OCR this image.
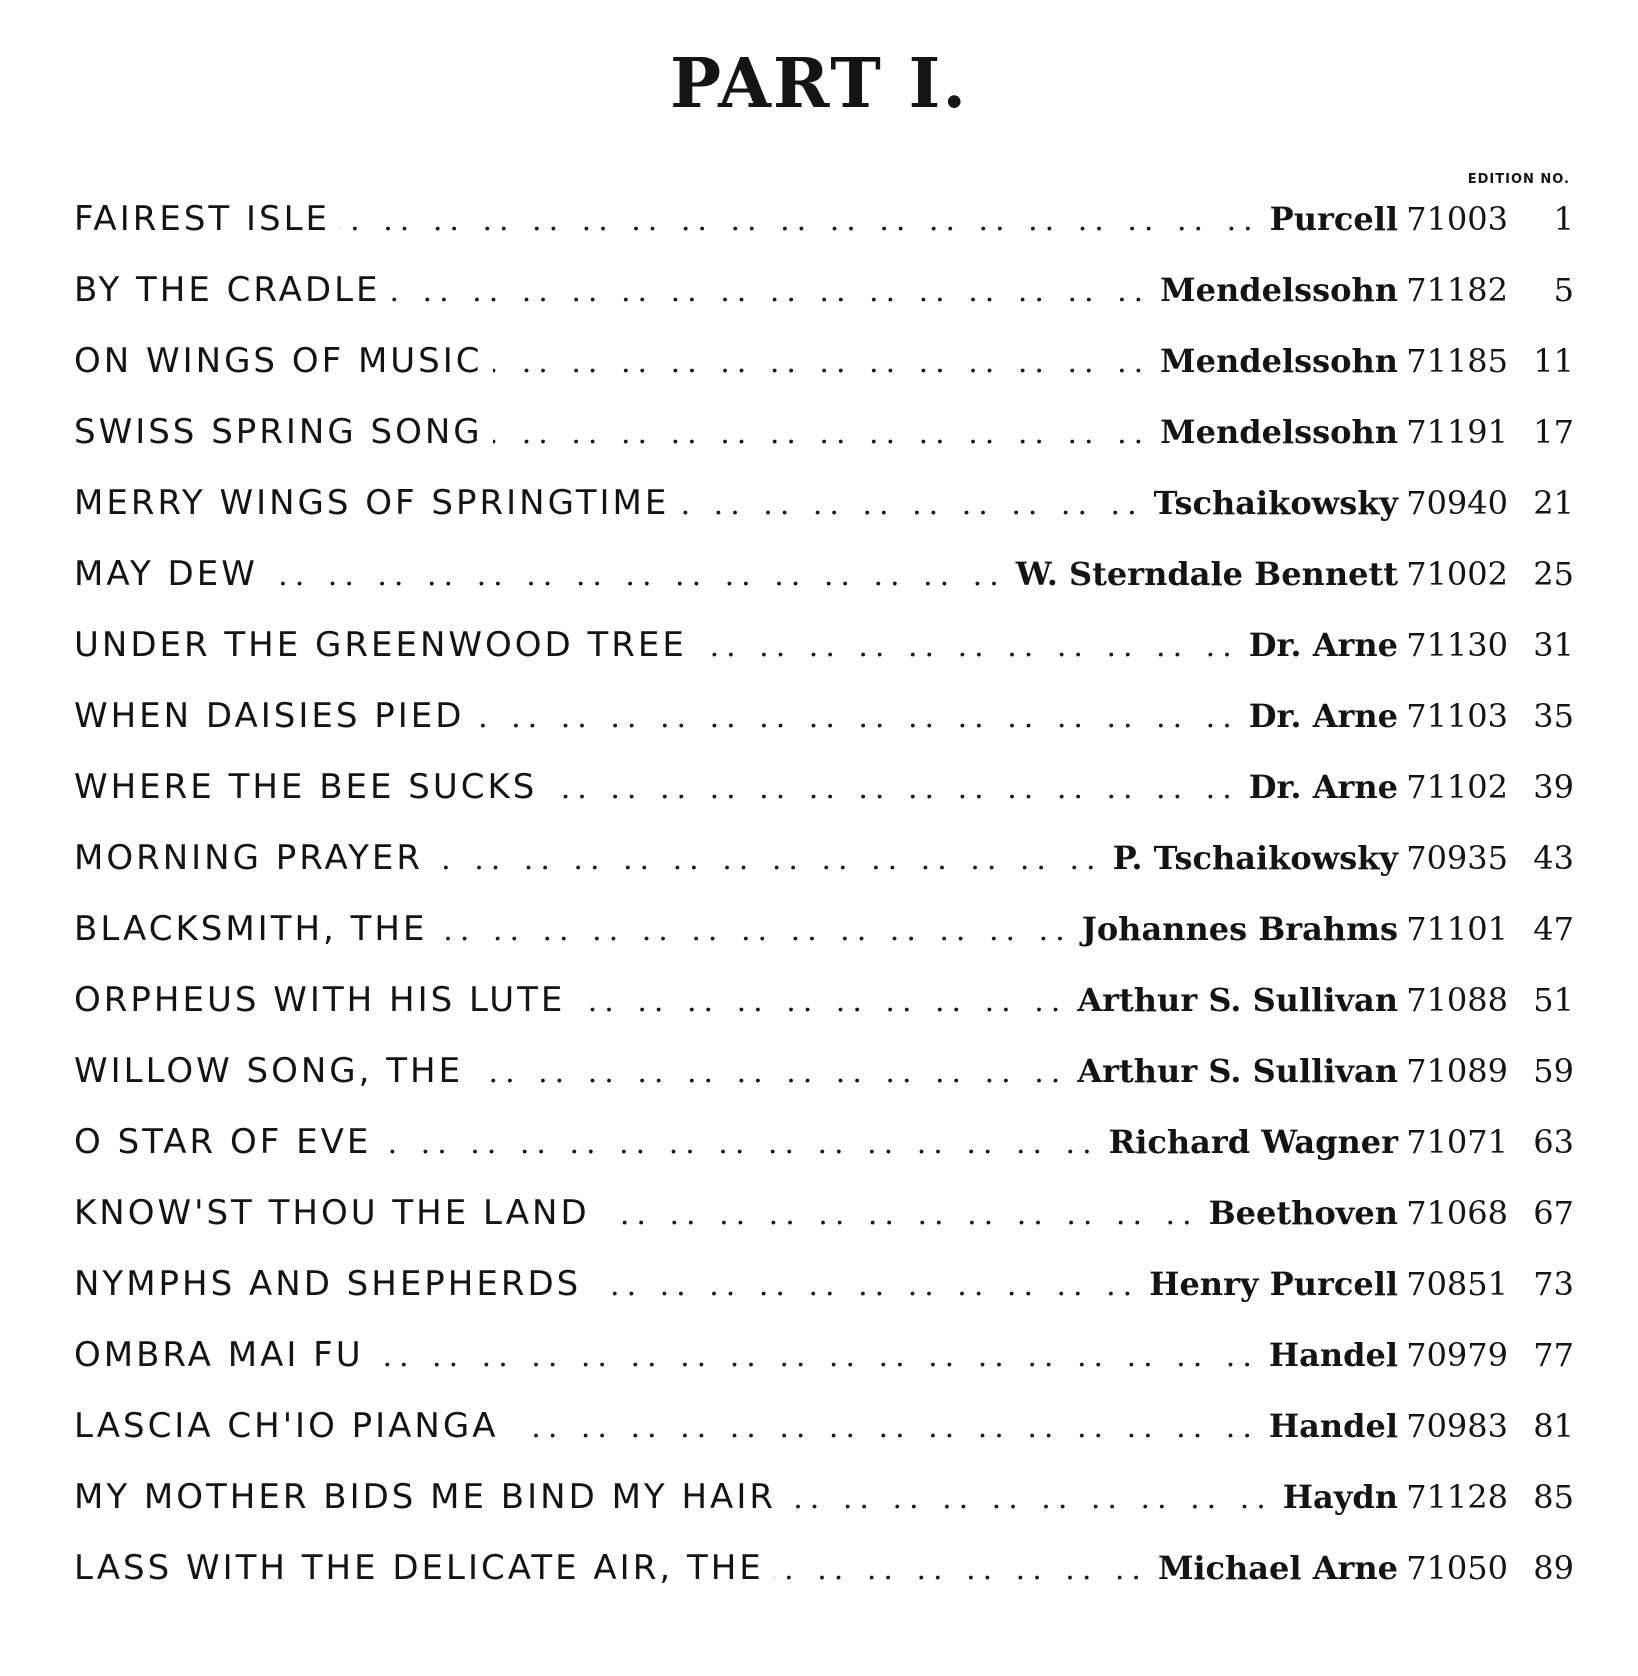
PART I.
EDITION NO.
FAIREST ISLE .. ..	Purcell 71003	1
BY THE CRADLE .. ..	Mendelssohn 71182	5
ON WINGS OF MUSIC .. ..	Mendelssohn 71185 11
SWISS SPRING SONG .. ..	Mendelssohn 71191 17
MERRY WINGS OF SPRINGTIME .. ..	Tschaikowsky 70940 21
MAY DEW .. ..	W. Sterndale Bennett 71002 25
UNDER THE GREENWOOD TREE .. ..	Dr. Arne 71130 31
WHEN DAISIES PIED .. ..	Dr. Arne 71103 35
WHERE THE BEE SUCKS .. ..	Dr. Arne 71102 39
MORNING PRAYER .. ..	P. Tschaikowsky 70935 43
BLACKSMITH, THE .. ..	Johannes Brahms 71101 47
ORPHEUS WITH HIS LUTE .. ..	Arthur S. Sullivan 71088 51
WILLOW SONG, THE .. ..	Arthur S. Sullivan 71089 59
O STAR OF EVE .. ..	Richard Wagner 71071 63
KNOW'ST THOU THE LAND .. ..	Beethoven 71068 67
NYMPHS AND SHEPHERDS .. ..	Henry Purcell 70851 73
OMBRA MAI FU .. ..	Handel 70979 77
LASCIA CH'IO PIANGA .. ..	Handel 70983 81
MY MOTHER BIDS ME BIND MY HAIR .. ..	Haydn 71128 85
LASS WITH THE DELICATE AIR, THE .. ..	Michael Arne 71050 89
